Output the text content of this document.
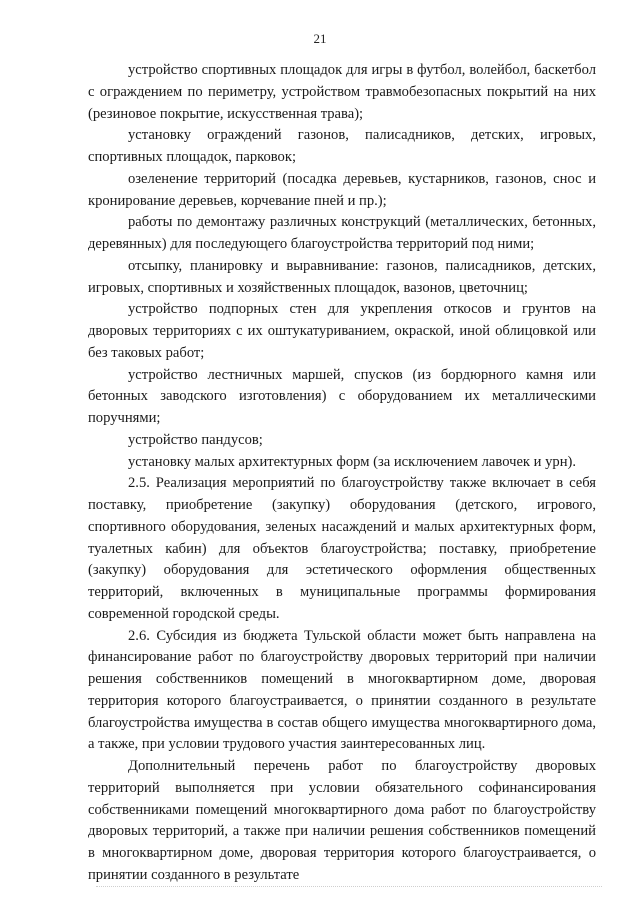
21

устройство спортивных площадок для игры в футбол, волейбол, баскетбол с ограждением по периметру, устройством травмобезопасных покрытий на них (резиновое покрытие, искусственная трава);

установку ограждений газонов, палисадников, детских, игровых, спортивных площадок, парковок;

озеленение территорий (посадка деревьев, кустарников, газонов, снос и кронирование деревьев, корчевание пней и пр.);

работы по демонтажу различных конструкций (металлических, бетонных, деревянных) для последующего благоустройства территорий под ними;

отсыпку, планировку и выравнивание: газонов, палисадников, детских, игровых, спортивных и хозяйственных площадок, вазонов, цветочниц;

устройство подпорных стен для укрепления откосов и грунтов на дворовых территориях с их оштукатуриванием, окраской, иной облицовкой или без таковых работ;

устройство лестничных маршей, спусков (из бордюрного камня или бетонных заводского изготовления) с оборудованием их металлическими поручнями;

устройство пандусов;

установку малых архитектурных форм (за исключением лавочек и урн).

2.5. Реализация мероприятий по благоустройству также включает в себя поставку, приобретение (закупку) оборудования (детского, игрового, спортивного оборудования, зеленых насаждений и малых архитектурных форм, туалетных кабин) для объектов благоустройства; поставку, приобретение (закупку) оборудования для эстетического оформления общественных территорий, включенных в муниципальные программы формирования современной городской среды.

2.6. Субсидия из бюджета Тульской области может быть направлена на финансирование работ по благоустройству дворовых территорий при наличии решения собственников помещений в многоквартирном доме, дворовая территория которого благоустраивается, о принятии созданного в результате благоустройства имущества в состав общего имущества многоквартирного дома, а также, при условии трудового участия заинтересованных лиц.

Дополнительный перечень работ по благоустройству дворовых территорий выполняется при условии обязательного софинансирования собственниками помещений многоквартирного дома работ по благоустройству дворовых территорий, а также при наличии решения собственников помещений в многоквартирном доме, дворовая территория которого благоустраивается, о принятии созданного в результате
